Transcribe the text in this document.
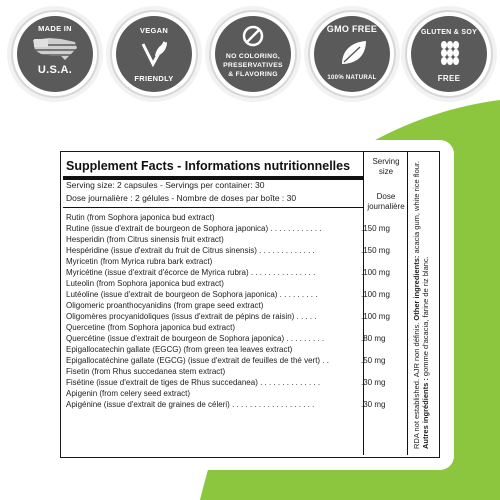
MADE IN
U.S.A.
VEGAN
FRIENDLY
NO COLORING,
PRESERVATIVES
& FLAVORING
GMO FREE
100% NATURAL
GLUTEN & SOY
FREE
Supplement Facts - Informations nutritionnelles	Serving size
Serving size: 2 capsules - Servings per container: 30
Dose journalière : 2 gélules - Nombre de doses par boîte : 30	Dose journalière
Rutin (from Sophora japonica bud extract)
Rutine (issue d'extrait de bourgeon de Sophora japonica) . . . . . . . . . . . .	.150 mg
Hesperidin (from Citrus sinensis fruit extract)
Hespéridine (issue d'extrait du fruit de Citrus sinensis) . . . . . . . . . . . . .	.150 mg
Myricetin (from Myrica rubra bark extract)
Myricétine (issue d'extrait d'écorce de Myrica rubra) . . . . . . . . . . . . . . .	.100 mg
Luteolin (from Sophora japonica bud extract)
Lutéoline (issue d'extrait de bourgeon de Sophora japonica) . . . . . . . . .	.100 mg
Oligomeric proanthocyanidins (from grape seed extract)
Oligomères procyanidoliques (issus d'extrait de pépins de raisin) . . . . .	.100 mg
Quercetine (from Sophora japonica bud extract)
Quercétine (issue d'extrait de bourgeon de Sophora japonica) . . . . . . . . .	.80 mg
Epigallocatechin gallate (EGCG) (from green tea leaves extract)
Epigallocatéchine gallate (EGCG) (issue d'extrait de feuilles de thé vert) . .	.50 mg
Fisetin (from Rhus succedanea stem extract)
Fisétine (issue d'extrait de tiges de Rhus succedanea) . . . . . . . . . . . . . .	.30 mg
Apigenin (from celery seed extract)
Apigénine (issue d'extrait de graines de céleri) . . . . . . . . . . . . . . . . . . .	.30 mg	RDA not established. AJR non définis. Other ingredients: acacia gum, white rice flour.
Autres ingrédients : gomme d'acacia, farine de riz blanc.
